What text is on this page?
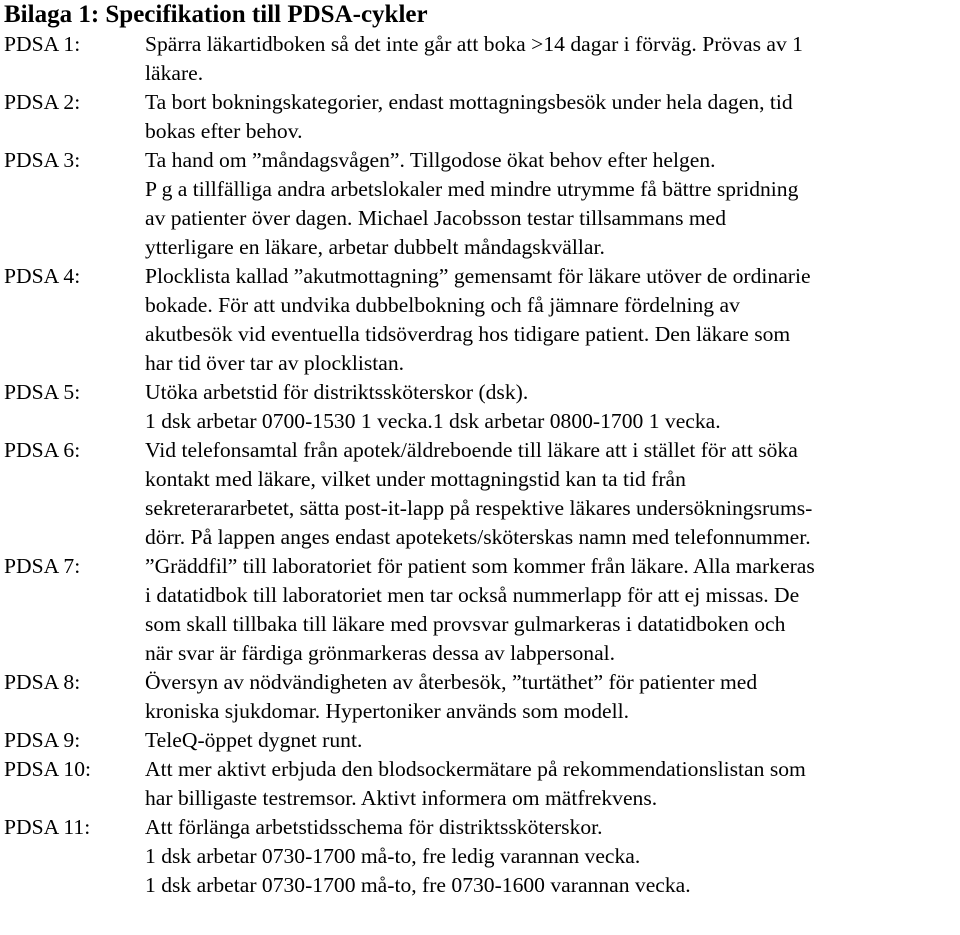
Bilaga 1: Specifikation till PDSA-cykler
PDSA 1:	Spärra läkartidboken så det inte går att boka >14 dagar i förväg. Prövas av 1
läkare.
PDSA 2:	Ta bort bokningskategorier, endast mottagningsbesök under hela dagen, tid
bokas efter behov.
PDSA 3:	Ta hand om ”måndagsvågen”. Tillgodose ökat behov efter helgen.
P g a tillfälliga andra arbetslokaler med mindre utrymme få bättre spridning
av patienter över dagen. Michael Jacobsson testar tillsammans med
ytterligare en läkare, arbetar dubbelt måndagskvällar.
PDSA 4:	Plocklista kallad ”akutmottagning” gemensamt för läkare utöver de ordinarie
bokade. För att undvika dubbelbokning och få jämnare fördelning av
akutbesök vid eventuella tidsöverdrag hos tidigare patient. Den läkare som
har tid över tar av plocklistan.
PDSA 5:	Utöka arbetstid för distriktssköterskor (dsk).
1 dsk arbetar 0700-1530 1 vecka.1 dsk arbetar 0800-1700 1 vecka.
PDSA 6:	Vid telefonsamtal från apotek/äldreboende till läkare att i stället för att söka
kontakt med läkare, vilket under mottagningstid kan ta tid från
sekreterararbetet, sätta post-it-lapp på respektive läkares undersökningsrums-
dörr. På lappen anges endast apotekets/sköterskas namn med telefonnummer.
PDSA 7:	”Gräddfil” till laboratoriet för patient som kommer från läkare. Alla markeras
i datatidbok till laboratoriet men tar också nummerlapp för att ej missas. De
som skall tillbaka till läkare med provsvar gulmarkeras i datatidboken och
när svar är färdiga grönmarkeras dessa av labpersonal.
PDSA 8:	Översyn av nödvändigheten av återbesök, ”turtäthet” för patienter med
kroniska sjukdomar. Hypertoniker används som modell.
PDSA 9:	TeleQ-öppet dygnet runt.
PDSA 10:	Att mer aktivt erbjuda den blodsockermätare på rekommendationslistan som
har billigaste testremsor. Aktivt informera om mätfrekvens.
PDSA 11:	Att förlänga arbetstidsschema för distriktssköterskor.
1 dsk arbetar 0730-1700 må-to, fre ledig varannan vecka.
1 dsk arbetar 0730-1700 må-to, fre 0730-1600 varannan vecka.
